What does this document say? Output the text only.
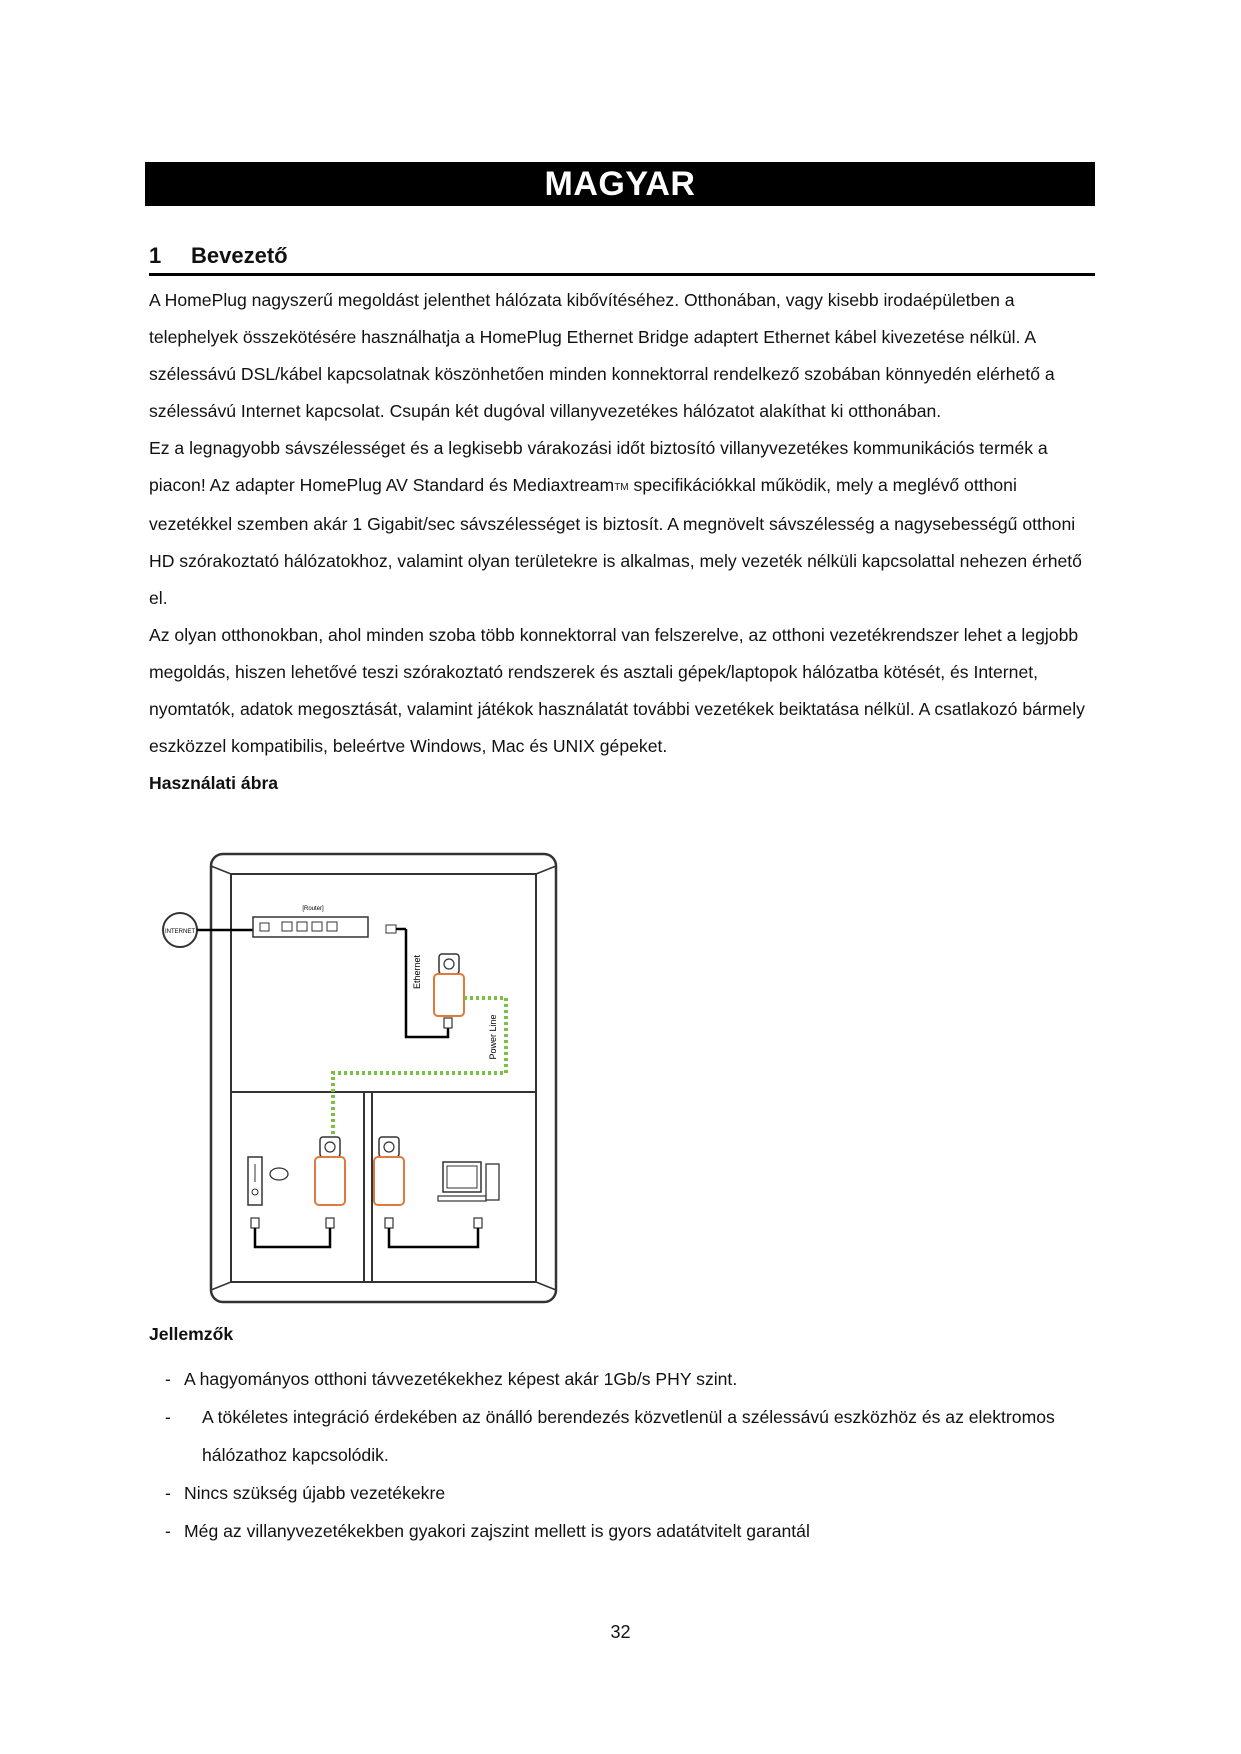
MAGYAR
1 Bevezető

A HomePlug nagyszerű megoldást jelenthet hálózata kibővítéséhez. Otthonában, vagy kisebb irodaépületben a telephelyek összekötésére használhatja a HomePlug Ethernet Bridge adaptert Ethernet kábel kivezetése nélkül. A szélessávú DSL/kábel kapcsolatnak köszönhetően minden konnektorral rendelkező szobában könnyedén elérhető a szélessávú Internet kapcsolat. Csupán két dugóval villanyvezetékes hálózatot alakíthat ki otthonában.

Ez a legnagyobb sávszélességet és a legkisebb várakozási időt biztosító villanyvezetékes kommunikációs termék a piacon! Az adapter HomePlug AV Standard és MediaxtreamTM specifikációkkal működik, mely a meglévő otthoni vezetékkel szemben akár 1 Gigabit/sec sávszélességet is biztosít. A megnövelt sávszélesség a nagysebességű otthoni HD szórakoztató hálózatokhoz, valamint olyan területekre is alkalmas, mely vezeték nélküli kapcsolattal nehezen érhető el.

Az olyan otthonokban, ahol minden szoba több konnektorral van felszerelve, az otthoni vezetékrendszer lehet a legjobb megoldás, hiszen lehetővé teszi szórakoztató rendszerek és asztali gépek/laptopok hálózatba kötését, és Internet, nyomtatók, adatok megosztását, valamint játékok használatát további vezetékek beiktatása nélkül. A csatlakozó bármely eszközzel kompatibilis, beleértve Windows, Mac és UNIX gépeket.

Használati ábra

INTERNET
[Router]
Ethernet
Power Line
Jellemzők
- A hagyományos otthoni távvezetékekhez képest akár 1Gb/s PHY szint.
- A tökéletes integráció érdekében az önálló berendezés közvetlenül a szélessávú eszközhöz és az elektromos hálózathoz kapcsolódik.
- Nincs szükség újabb vezetékekre
- Még az villanyvezetékekben gyakori zajszint mellett is gyors adatátvitelt garantál
32
